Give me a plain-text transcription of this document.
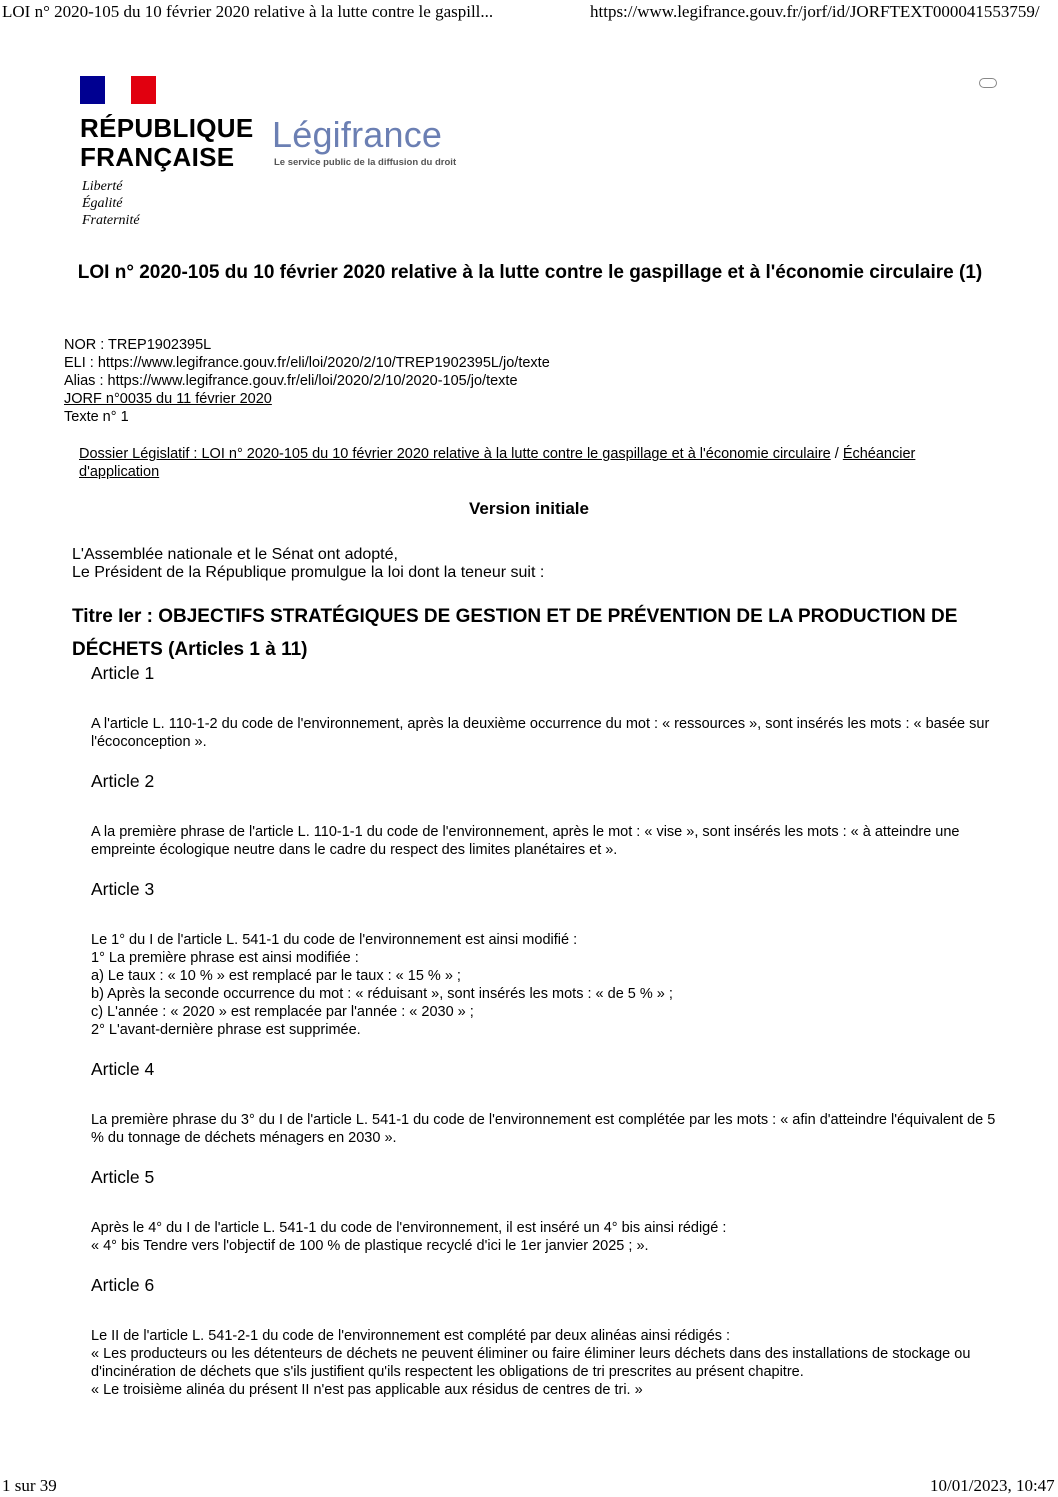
LOI n° 2020-105 du 10 février 2020 relative à la lutte contre le gaspill...	https://www.legifrance.gouv.fr/jorf/id/JORFTEXT000041553759/
RÉPUBLIQUE
FRANÇAISE
Liberté
Égalité
Fraternité
Légifrance
Le service public de la diffusion du droit
LOI n° 2020-105 du 10 février 2020 relative à la lutte contre le gaspillage et à l'économie circulaire (1)
NOR : TREP1902395L
ELI : https://www.legifrance.gouv.fr/eli/loi/2020/2/10/TREP1902395L/jo/texte
Alias : https://www.legifrance.gouv.fr/eli/loi/2020/2/10/2020-105/jo/texte
JORF n°0035 du 11 février 2020
Texte n° 1
Dossier Législatif : LOI n° 2020-105 du 10 février 2020 relative à la lutte contre le gaspillage et à l'économie circulaire / Échéancier d'application
Version initiale
L'Assemblée nationale et le Sénat ont adopté,
Le Président de la République promulgue la loi dont la teneur suit :
Titre Ier : OBJECTIFS STRATÉGIQUES DE GESTION ET DE PRÉVENTION DE LA PRODUCTION DE DÉCHETS (Articles 1 à 11)
Article 1
A l'article L. 110-1-2 du code de l'environnement, après la deuxième occurrence du mot : « ressources », sont insérés les mots : « basée sur l'écoconception ».
Article 2
A la première phrase de l'article L. 110-1-1 du code de l'environnement, après le mot : « vise », sont insérés les mots : « à atteindre une empreinte écologique neutre dans le cadre du respect des limites planétaires et ».
Article 3
Le 1° du I de l'article L. 541-1 du code de l'environnement est ainsi modifié :
1° La première phrase est ainsi modifiée :
a) Le taux : « 10 % » est remplacé par le taux : « 15 % » ;
b) Après la seconde occurrence du mot : « réduisant », sont insérés les mots : « de 5 % » ;
c) L'année : « 2020 » est remplacée par l'année : « 2030 » ;
2° L'avant-dernière phrase est supprimée.
Article 4
La première phrase du 3° du I de l'article L. 541-1 du code de l'environnement est complétée par les mots : « afin d'atteindre l'équivalent de 5 % du tonnage de déchets ménagers en 2030 ».
Article 5
Après le 4° du I de l'article L. 541-1 du code de l'environnement, il est inséré un 4° bis ainsi rédigé :
« 4° bis Tendre vers l'objectif de 100 % de plastique recyclé d'ici le 1er janvier 2025 ; ».
Article 6
Le II de l'article L. 541-2-1 du code de l'environnement est complété par deux alinéas ainsi rédigés :
« Les producteurs ou les détenteurs de déchets ne peuvent éliminer ou faire éliminer leurs déchets dans des installations de stockage ou d'incinération de déchets que s'ils justifient qu'ils respectent les obligations de tri prescrites au présent chapitre.
« Le troisième alinéa du présent II n'est pas applicable aux résidus de centres de tri. »
1 sur 39	10/01/2023, 10:47
